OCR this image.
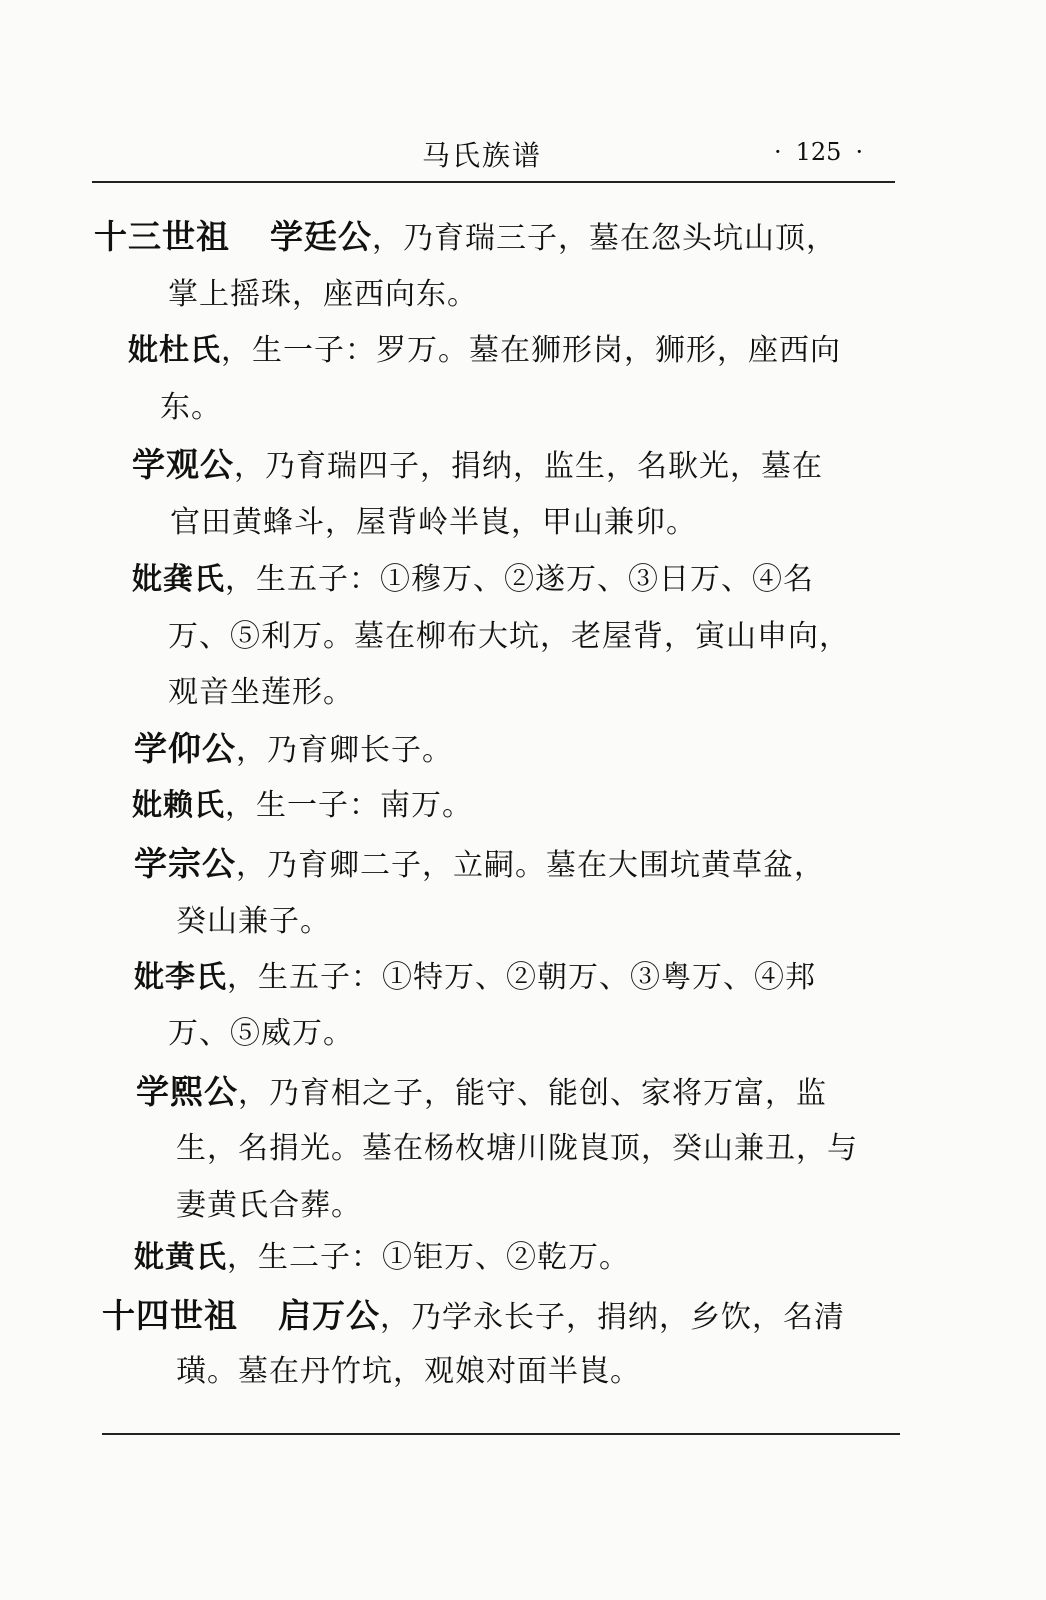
马氏族谱	· 125 ·
十三世祖 学廷公，乃育瑞三子，墓在忽头坑山顶，
掌上摇珠，座西向东。
妣杜氏，生一子：罗万。墓在狮形岗，狮形，座西向
东。
学观公，乃育瑞四子，捐纳，监生，名耿光，墓在
官田黄蜂斗，屋背岭半崀，甲山兼卯。
妣龚氏，生五子：①穆万、②遂万、③日万、④名
万、⑤利万。墓在柳布大坑，老屋背，寅山申向，
观音坐莲形。
学仰公，乃育卿长子。
妣赖氏，生一子：南万。
学宗公，乃育卿二子，立嗣。墓在大围坑黄草盆，
癸山兼子。
妣李氏，生五子：①特万、②朝万、③粤万、④邦
万、⑤威万。
学熙公，乃育相之子，能守、能创、家将万富，监
生，名捐光。墓在杨枚塘川陇崀顶，癸山兼丑，与
妻黄氏合葬。
妣黄氏，生二子：①钜万、②乾万。
十四世祖 启万公，乃学永长子，捐纳，乡饮，名清
璜。墓在丹竹坑，观娘对面半崀。
